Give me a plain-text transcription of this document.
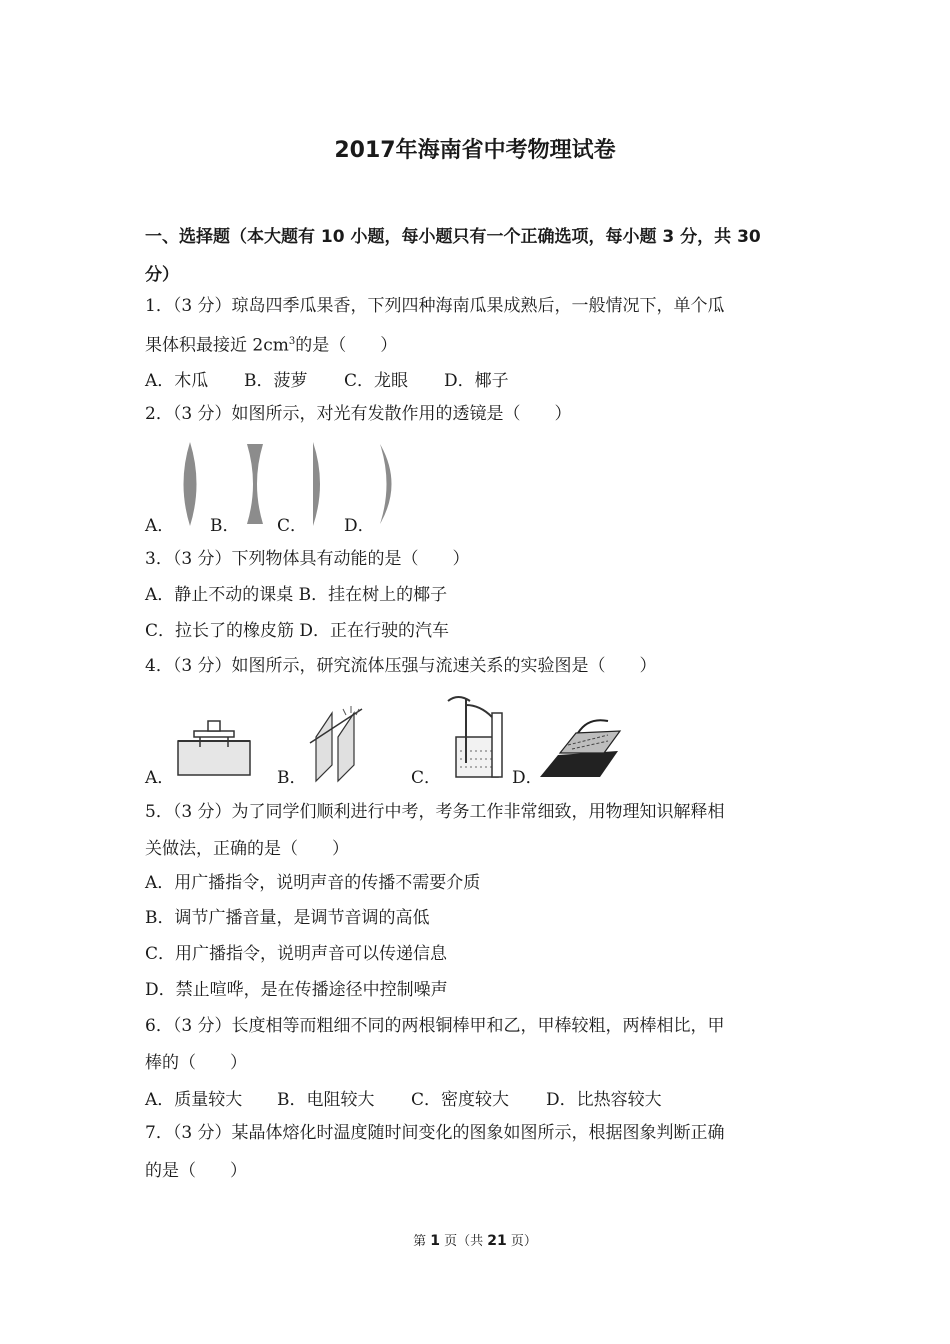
2017年海南省中考物理试卷
一、选择题（本大题有 10 小题，每小题只有一个正确选项，每小题 3 分，共 30
分）
1．（3 分）琼岛四季瓜果香，下列四种海南瓜果成熟后，一般情况下，单个瓜
果体积最接近 $2cm^3$的是（　　）
A．木瓜 B．菠萝 C．龙眼 D．椰子
2．（3 分）如图所示，对光有发散作用的透镜是（　　）
A． B． C． D．
3．（3 分）下列物体具有动能的是（　　）
A．静止不动的课桌 B．挂在树上的椰子
C．拉长了的橡皮筋 D．正在行驶的汽车
4．（3 分）如图所示，研究流体压强与流速关系的实验图是（　　）
A．	B．	C．	D．
5．（3 分）为了同学们顺利进行中考，考务工作非常细致，用物理知识解释相
关做法，正确的是（　　）
A．用广播指令，说明声音的传播不需要介质
B．调节广播音量，是调节音调的高低
C．用广播指令，说明声音可以传递信息
D．禁止喧哗，是在传播途径中控制噪声
6．（3 分）长度相等而粗细不同的两根铜棒甲和乙，甲棒较粗，两棒相比，甲
棒的（　　）
A．质量较大 B．电阻较大 C．密度较大 D．比热容较大
7．（3 分）某晶体熔化时温度随时间变化的图象如图所示，根据图象判断正确
的是（　　）
第 1 页（共 21 页）
